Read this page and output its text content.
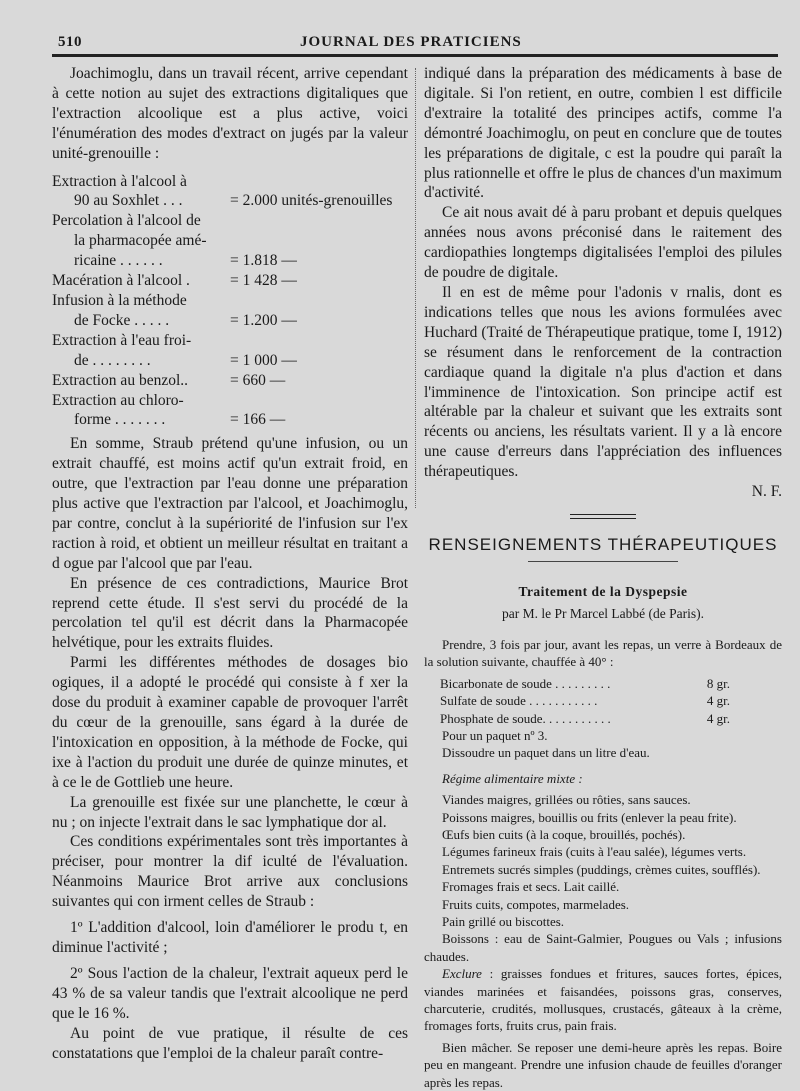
510	JOURNAL DES PRATICIENS

Joachimoglu, dans un travail récent, arrive cependant à cette notion au sujet des extractions digitaliques que l'extraction alcoolique est a plus active, voici l'énumération des modes d'extract on jugés par la valeur unité-grenouille :

Extraction à l'alcool à
90 au Soxhlet . . .	= 2.000 unités-grenouilles
Percolation à l'alcool de
la pharmacopée amé-
ricaine . . . . . .	= 1.818 —
Macération à l'alcool .	= 1 428 —
Infusion à la méthode
de Focke . . . . .	= 1.200 —
Extraction à l'eau froi-
de . . . . . . . .	= 1 000 —
Extraction au benzol..	= 660 —
Extraction au chloro-
forme . . . . . . .	= 166 —

En somme, Straub prétend qu'une infusion, ou un extrait chauffé, est moins actif qu'un extrait froid, en outre, que l'extraction par l'eau donne une préparation plus active que l'extraction par l'alcool, et Joachimoglu, par contre, conclut à la supériorité de l'infusion sur l'ex raction à roid, et obtient un meilleur résultat en traitant a d ogue par l'alcool que par l'eau.

En présence de ces contradictions, Maurice Brot reprend cette étude. Il s'est servi du procédé de la percolation tel qu'il est décrit dans la Pharmacopée helvétique, pour les extraits fluides.

Parmi les différentes méthodes de dosages bio ogiques, il a adopté le procédé qui consiste à f xer la dose du produit à examiner capable de provoquer l'arrêt du cœur de la grenouille, sans égard à la durée de l'intoxication en opposition, à la méthode de Focke, qui ixe à l'action du produit une durée de quinze minutes, et à ce le de Gottlieb une heure.

La grenouille est fixée sur une planchette, le cœur à nu ; on injecte l'extrait dans le sac lymphatique dor al.

Ces conditions expérimentales sont très importantes à préciser, pour montrer la dif iculté de l'évaluation. Néanmoins Maurice Brot arrive aux conclusions suivantes qui con irment celles de Straub :

1º L'addition d'alcool, loin d'améliorer le produ t, en diminue l'activité ;

2º Sous l'action de la chaleur, l'extrait aqueux perd le 43 % de sa valeur tandis que l'extrait alcoolique ne perd que le 16 %.

Au point de vue pratique, il résulte de ces constatations que l'emploi de la chaleur paraît contre-

indiqué dans la préparation des médicaments à base de digitale. Si l'on retient, en outre, combien l est difficile d'extraire la totalité des principes actifs, comme l'a démontré Joachimoglu, on peut en conclure que de toutes les préparations de digitale, c est la poudre qui paraît la plus rationnelle et offre le plus de chances d'un maximum d'activité.

Ce ait nous avait dé à paru probant et depuis quelques années nous avons préconisé dans le raitement des cardiopathies longtemps digitalisées l'emploi des pilules de poudre de digitale.

Il en est de même pour l'adonis v rnalis, dont es indications telles que nous les avions formulées avec Huchard (Traité de Thérapeutique pratique, tome I, 1912) se résument dans le renforcement de la contraction cardiaque quand la digitale n'a plus d'action et dans l'imminence de l'intoxication. Son principe actif est altérable par la chaleur et suivant que les extraits sont récents ou anciens, les résultats varient. Il y a là encore une cause d'erreurs dans l'appréciation des influences thérapeutiques.

N. F.

RENSEIGNEMENTS THÉRAPEUTIQUES
Traitement de la Dyspepsie
par M. le Pr Marcel Labbé (de Paris).

Prendre, 3 fois par jour, avant les repas, un verre à Bordeaux de la solution suivante, chauffée à 40° :

Bicarbonate de soude . . . . . . . . .	8 gr.
Sulfate de soude . . . . . . . . . . .	4 gr.
Phosphate de soude. . . . . . . . . . .	4 gr.

Pour un paquet nº 3.

Dissoudre un paquet dans un litre d'eau.

Régime alimentaire mixte :

Viandes maigres, grillées ou rôties, sans sauces.

Poissons maigres, bouillis ou frits (enlever la peau frite).

Œufs bien cuits (à la coque, brouillés, pochés).

Légumes farineux frais (cuits à l'eau salée), légumes verts.

Entremets sucrés simples (puddings, crèmes cuites, soufflés).

Fromages frais et secs. Lait caillé.

Fruits cuits, compotes, marmelades.

Pain grillé ou biscottes.

Boissons : eau de Saint-Galmier, Pougues ou Vals ; infusions chaudes.

Exclure : graisses fondues et fritures, sauces fortes, épices, viandes marinées et faisandées, poissons gras, conserves, charcuterie, crudités, mollusques, crustacés, gâteaux à la crème, fromages forts, fruits crus, pain frais.

Bien mâcher. Se reposer une demi-heure après les repas. Boire peu en mangeant. Prendre une infusion chaude de feuilles d'oranger après les repas.
